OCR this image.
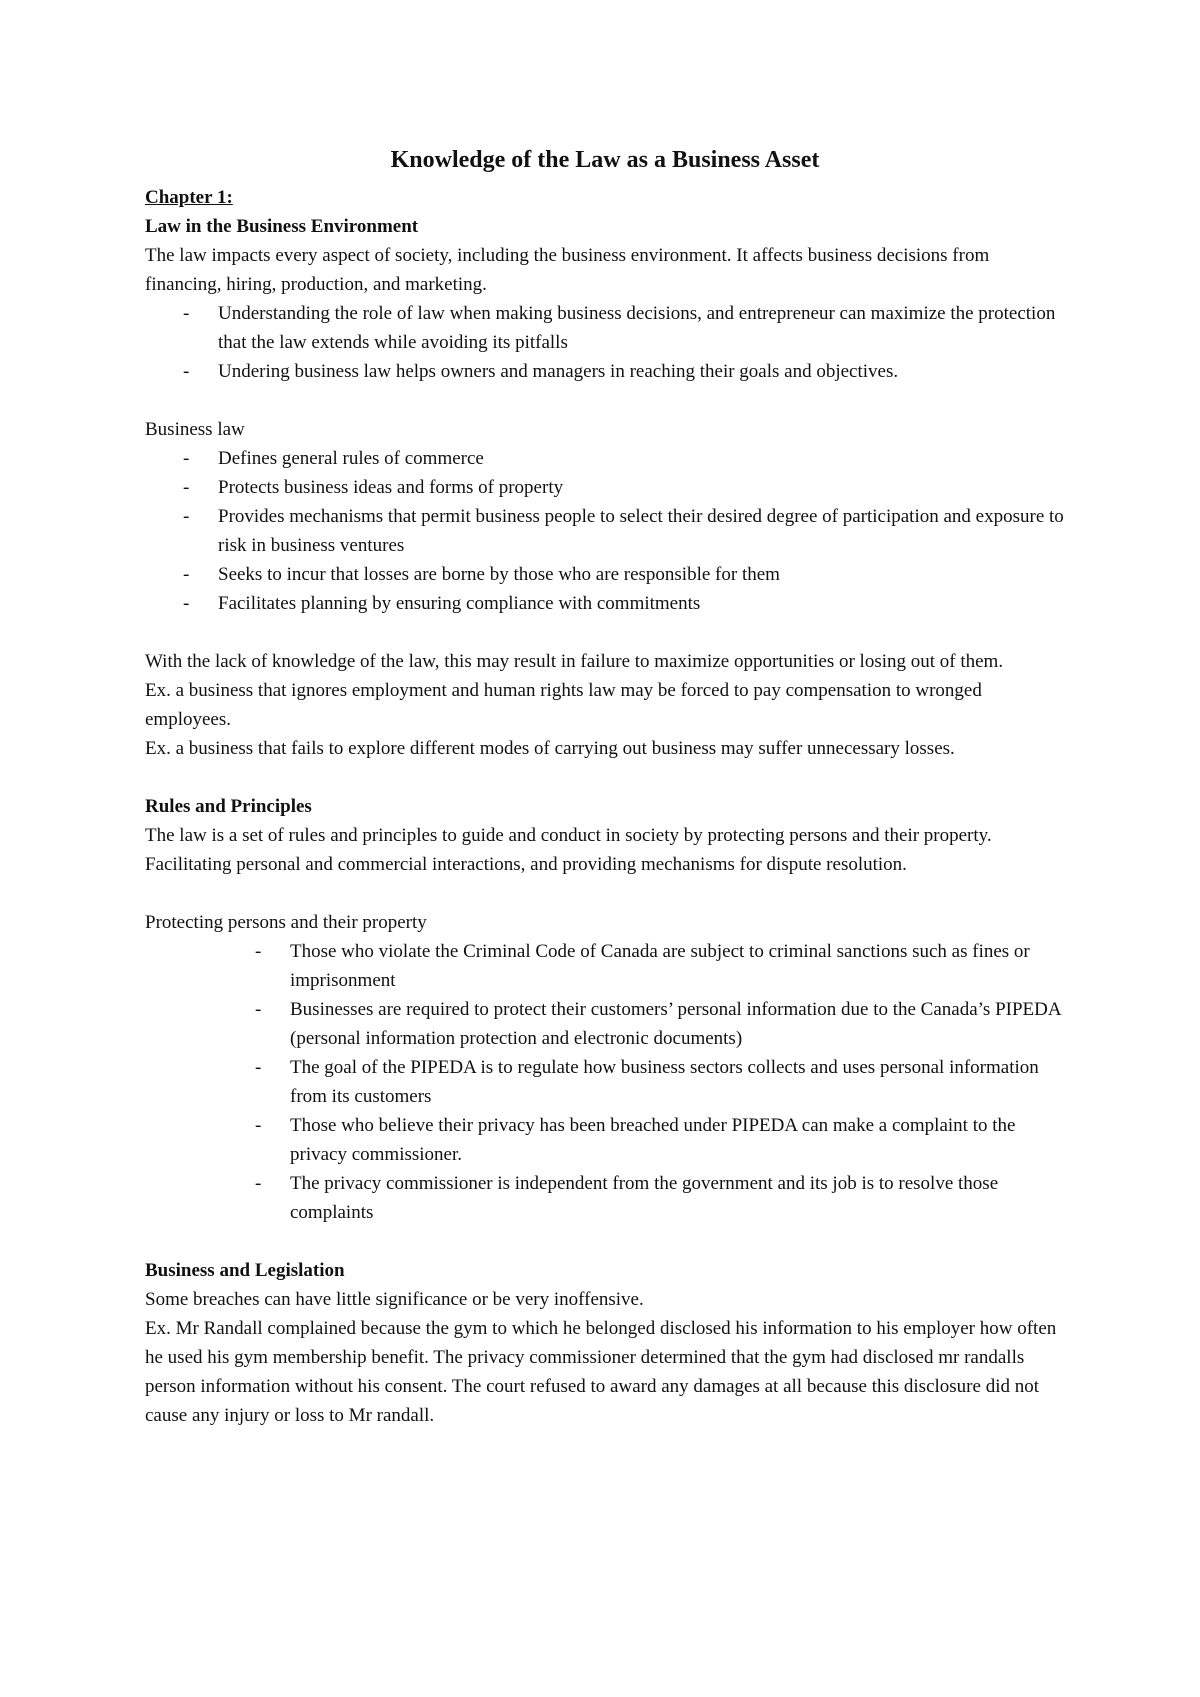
Knowledge of the Law as a Business Asset

Chapter 1:

Law in the Business Environment

The law impacts every aspect of society, including the business environment. It affects business decisions from financing, hiring, production, and marketing.

- Understanding the role of law when making business decisions, and entrepreneur can maximize the protection that the law extends while avoiding its pitfalls
- Undering business law helps owners and managers in reaching their goals and objectives.

Business law

- Defines general rules of commerce
- Protects business ideas and forms of property
- Provides mechanisms that permit business people to select their desired degree of participation and exposure to risk in business ventures
- Seeks to incur that losses are borne by those who are responsible for them
- Facilitates planning by ensuring compliance with commitments

With the lack of knowledge of the law, this may result in failure to maximize opportunities or losing out of them.

Ex. a business that ignores employment and human rights law may be forced to pay compensation to wronged employees.

Ex. a business that fails to explore different modes of carrying out business may suffer unnecessary losses.

Rules and Principles

The law is a set of rules and principles to guide and conduct in society by protecting persons and their property. Facilitating personal and commercial interactions, and providing mechanisms for dispute resolution.

Protecting persons and their property

- Those who violate the Criminal Code of Canada are subject to criminal sanctions such as fines or imprisonment
- Businesses are required to protect their customers’ personal information due to the Canada’s PIPEDA (personal information protection and electronic documents)
- The goal of the PIPEDA is to regulate how business sectors collects and uses personal information from its customers
- Those who believe their privacy has been breached under PIPEDA can make a complaint to the privacy commissioner.
- The privacy commissioner is independent from the government and its job is to resolve those complaints

Business and Legislation

Some breaches can have little significance or be very inoffensive.

Ex. Mr Randall complained because the gym to which he belonged disclosed his information to his employer how often he used his gym membership benefit. The privacy commissioner determined that the gym had disclosed mr randalls person information without his consent. The court refused to award any damages at all because this disclosure did not cause any injury or loss to Mr randall.
